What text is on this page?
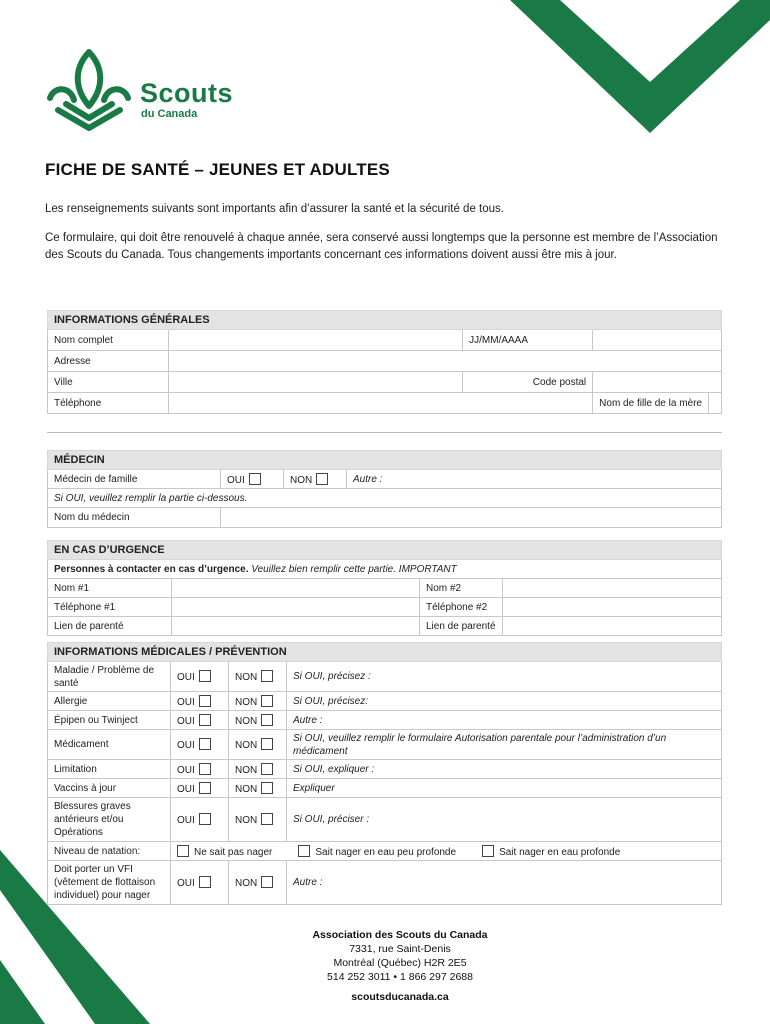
Scouts
du Canada
FICHE DE SANTÉ – JEUNES ET ADULTES
Les renseignements suivants sont importants afin d’assurer la santé et la sécurité de tous.
Ce formulaire, qui doit être renouvelé à chaque année, sera conservé aussi longtemps que la personne est membre de l’Association des Scouts du Canada. Tous changements importants concernant ces informations doivent aussi être mis à jour.
INFORMATIONS GÉNÉRALES				
Nom complet		JJ/MM/AAAA		
Adresse				
Ville		Code postal		
Téléphone			Nom de fille de la mère	
MÉDECIN			
Médecin de famille	OUI	NON	Autre :
Si OUI, veuillez remplir la partie ci-dessous.			
Nom du médecin			
EN CAS D’URGENCE			
Personnes à contacter en cas d’urgence. Veuillez bien remplir cette partie. IMPORTANT			
Nom #1		Nom #2	
Téléphone #1		Téléphone #2	
Lien de parenté		Lien de parenté	
INFORMATIONS MÉDICALES / PRÉVENTION			
Maladie / Problème de santé	OUI	NON	Si OUI, précisez :
Allergie	OUI	NON	Si OUI, précisez:
Épipen ou Twinject	OUI	NON	Autre :
Médicament	OUI	NON	Si OUI, veuillez remplir le formulaire Autorisation parentale pour l’administration d’un médicament
Limitation	OUI	NON	Si OUI, expliquer :
Vaccins à jour	OUI	NON	Expliquer
Blessures graves antérieurs et/ou Opérations	OUI	NON	Si OUI, préciser :
Niveau de natation:	Ne sait pas nager Sait nager en eau peu profonde Sait nager en eau profonde		
Doit porter un VFI (vêtement de flottaison individuel) pour nager	OUI	NON	Autre :
Association des Scouts du Canada
7331, rue Saint-Denis
Montréal (Québec) H2R 2E5
514 252 3011 • 1 866 297 2688
scoutsducanada.ca
